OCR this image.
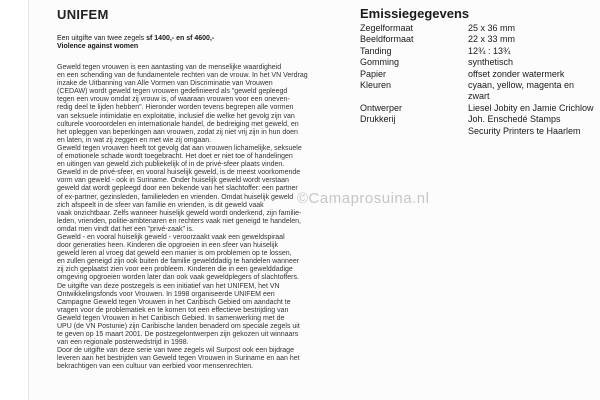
UNIFEM
Een uitgifte van twee zegels sf 1400,- en sf 4600,-
Violence against women

Geweld tegen vrouwen is een aantasting van de menselijke waardigheid

en een schending van de fundamentele rechten van de vrouw. In het VN Verdrag

inzake de Uitbanning van Alle Vormen van Discriminatie van Vrouwen

(CEDAW) wordt geweld tegen vrouwen gedefinieerd als "geweld gepleegd

tegen een vrouw omdat zij vrouw is, of waaraan vrouwen voor een oneven-

redig deel te lijden hebben". Hieronder worden tevens begrepen alle vormen

van seksuele intimidatie en exploitatie, inclusief die welke het gevolg zijn van

culturele vooroordelen en internationale handel, de bedreiging met geweld, en

het opleggen van beperkingen aan vrouwen, zodat zij niet vrij zijn in hun doen

en laten, in wat zij zeggen en met wie zij omgaan.

Geweld tegen vrouwen heeft tot gevolg dat aan vrouwen lichamelijke, seksuele

of emotionele schade wordt toegebracht. Het doet er niet toe of handelingen

en uitingen van geweld zich publiekelijk of in de privé-sfeer plaats vinden.

Geweld in de privé-sfeer, en vooral huiselijk geweld, is de meest voorkomende

vorm van geweld - ook in Suriname. Onder huiselijk geweld wordt verstaan

geweld dat wordt gepleegd door een bekende van het slachtoffer: een partner

of ex-partner, gezinsleden, familieleden en vrienden. Omdat huiselijk geweld

zich afspeelt in de sfeer van familie en vrienden, is dit geweld vaak

vaak onzichtbaar. Zelfs wanneer huiselijk geweld wordt onderkend, zijn familie-

leden, vrienden, politie-ambtenaren en rechters vaak niet geneigd te handelen,

omdat men vindt dat het een "privé-zaak" is.

Geweld - en vooral huiselijk geweld - veroorzaakt vaak een geweldspiraal

door generaties heen. Kinderen die opgroeien in een sfeer van huiselijk

geweld leren al vroeg dat geweld een manier is om problemen op te lossen,

en zullen geneigd zijn ook buiten de familie gewelddadig te handelen wanneer

zij zich geplaatst zien voor een probleem. Kinderen die in een gewelddadige

omgeving opgroeien worden later dan ook vaak geweldplegers of slachtoffers.

De uitgifte van deze postzegels is een initiatief van het UNIFEM, het VN

Ontwikkelingsfonds voor Vrouwen. In 1998 organiseerde UNIFEM een

Campagne Geweld tegen Vrouwen in het Caribisch Gebied om aandacht te

vragen voor de problematiek en te komen tot een effectieve bestrijding van

Geweld tegen Vrouwen in het Caribisch Gebied. In samenwerking met de

UPU (de VN Postunie) zijn Caribische landen benaderd om speciale zegels uit

te geven op 15 maart 2001. De postzegelontwerpen zijn gekozen uit winnaars

van een regionale posterwedstrijd in 1998.

Door de uitgifte van deze serie van twee zegels wil Surpost ook een bijdrage

leveren aan het bestrijden van Geweld tegen Vrouwen in Suriname en aan het

bekrachtigen van een cultuur van eerbied voor mensenrechten.

Emissiegegevens
Zegelformaat	25 x 36 mm
Beeldformaat	22 x 33 mm
Tanding	12¾ : 13¾
Gomming	synthetisch
Papier	offset zonder watermerk
Kleuren	cyaan, yellow, magenta en
	zwart
Ontwerper	Liesel Jobity en Jamie Crichlow
Drukkerij	Joh. Enschedé Stamps
	Security Printers te Haarlem
©Camaprosuina.nl
